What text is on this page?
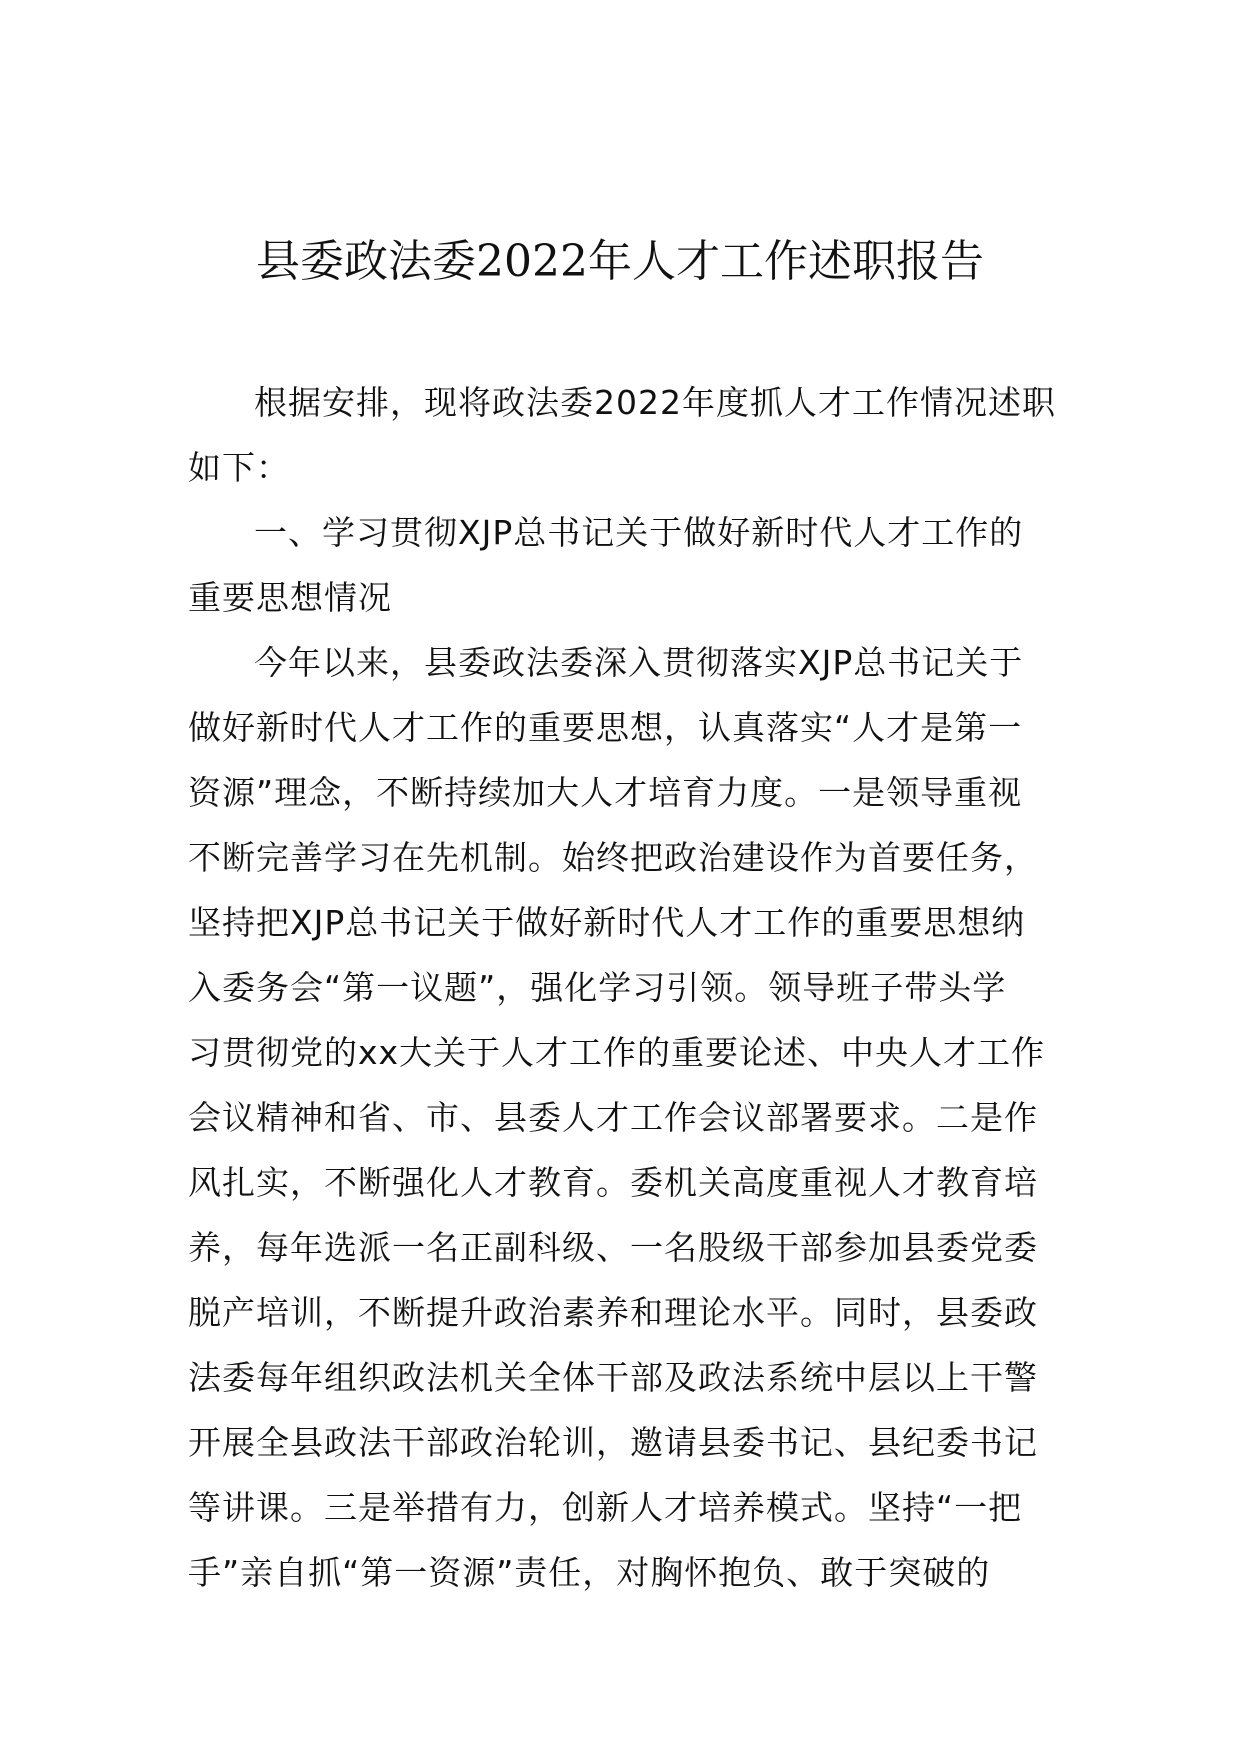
县委政法委2022年人才工作述职报告
根据安排，现将政法委2022年度抓人才工作情况述职
如下：
一、学习贯彻XJP总书记关于做好新时代人才工作的
重要思想情况
今年以来，县委政法委深入贯彻落实XJP总书记关于
做好新时代人才工作的重要思想，认真落实“人才是第一
资源”理念，不断持续加大人才培育力度。一是领导重视
不断完善学习在先机制。始终把政治建设作为首要任务，
坚持把XJP总书记关于做好新时代人才工作的重要思想纳
入委务会“第一议题”，强化学习引领。领导班子带头学
习贯彻党的xx大关于人才工作的重要论述、中央人才工作
会议精神和省、市、县委人才工作会议部署要求。二是作
风扎实，不断强化人才教育。委机关高度重视人才教育培
养，每年选派一名正副科级、一名股级干部参加县委党委
脱产培训，不断提升政治素养和理论水平。同时，县委政
法委每年组织政法机关全体干部及政法系统中层以上干警
开展全县政法干部政治轮训，邀请县委书记、县纪委书记
等讲课。三是举措有力，创新人才培养模式。坚持“一把
手”亲自抓“第一资源”责任，对胸怀抱负、敢于突破的
